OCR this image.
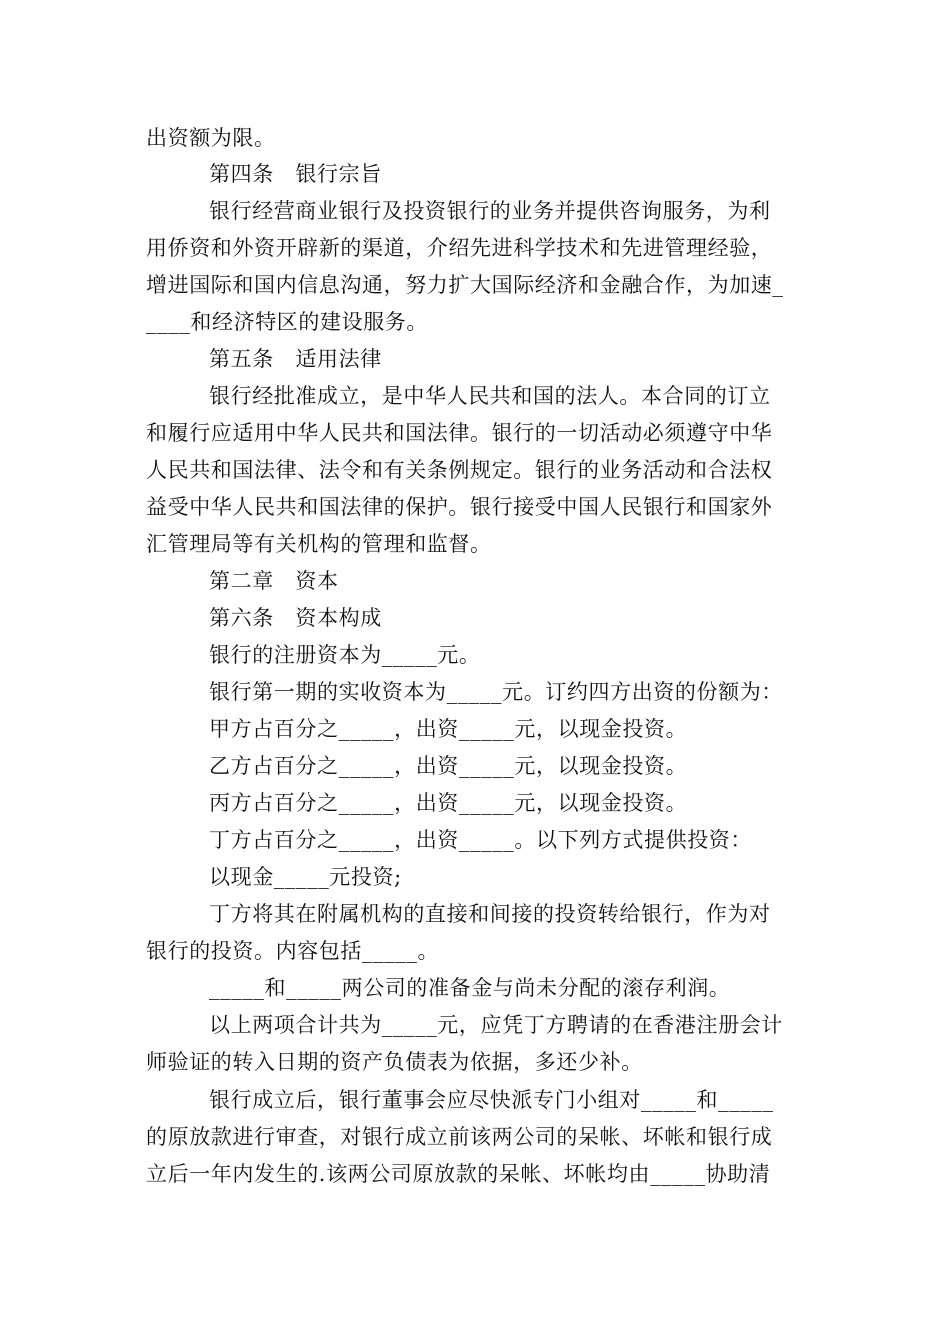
出资额为限。
第四条　银行宗旨
银行经营商业银行及投资银行的业务并提供咨询服务，为利
用侨资和外资开辟新的渠道，介绍先进科学技术和先进管理经验，
增进国际和国内信息沟通，努力扩大国际经济和金融合作，为加速_
____和经济特区的建设服务。
第五条　适用法律
银行经批准成立，是中华人民共和国的法人。本合同的订立
和履行应适用中华人民共和国法律。银行的一切活动必须遵守中华
人民共和国法律、法令和有关条例规定。银行的业务活动和合法权
益受中华人民共和国法律的保护。银行接受中国人民银行和国家外
汇管理局等有关机构的管理和监督。
第二章　资本
第六条　资本构成
银行的注册资本为_____元。
银行第一期的实收资本为_____元。订约四方出资的份额为：
甲方占百分之_____，出资_____元，以现金投资。
乙方占百分之_____，出资_____元，以现金投资。
丙方占百分之_____，出资_____元，以现金投资。
丁方占百分之_____，出资_____。以下列方式提供投资：
以现金_____元投资;
丁方将其在附属机构的直接和间接的投资转给银行，作为对
银行的投资。内容包括_____。
_____和_____两公司的准备金与尚未分配的滚存利润。
以上两项合计共为_____元，应凭丁方聘请的在香港注册会计
师验证的转入日期的资产负债表为依据，多还少补。
银行成立后，银行董事会应尽快派专门小组对_____和_____
的原放款进行审查，对银行成立前该两公司的呆帐、坏帐和银行成
立后一年内发生的.该两公司原放款的呆帐、坏帐均由_____协助清
